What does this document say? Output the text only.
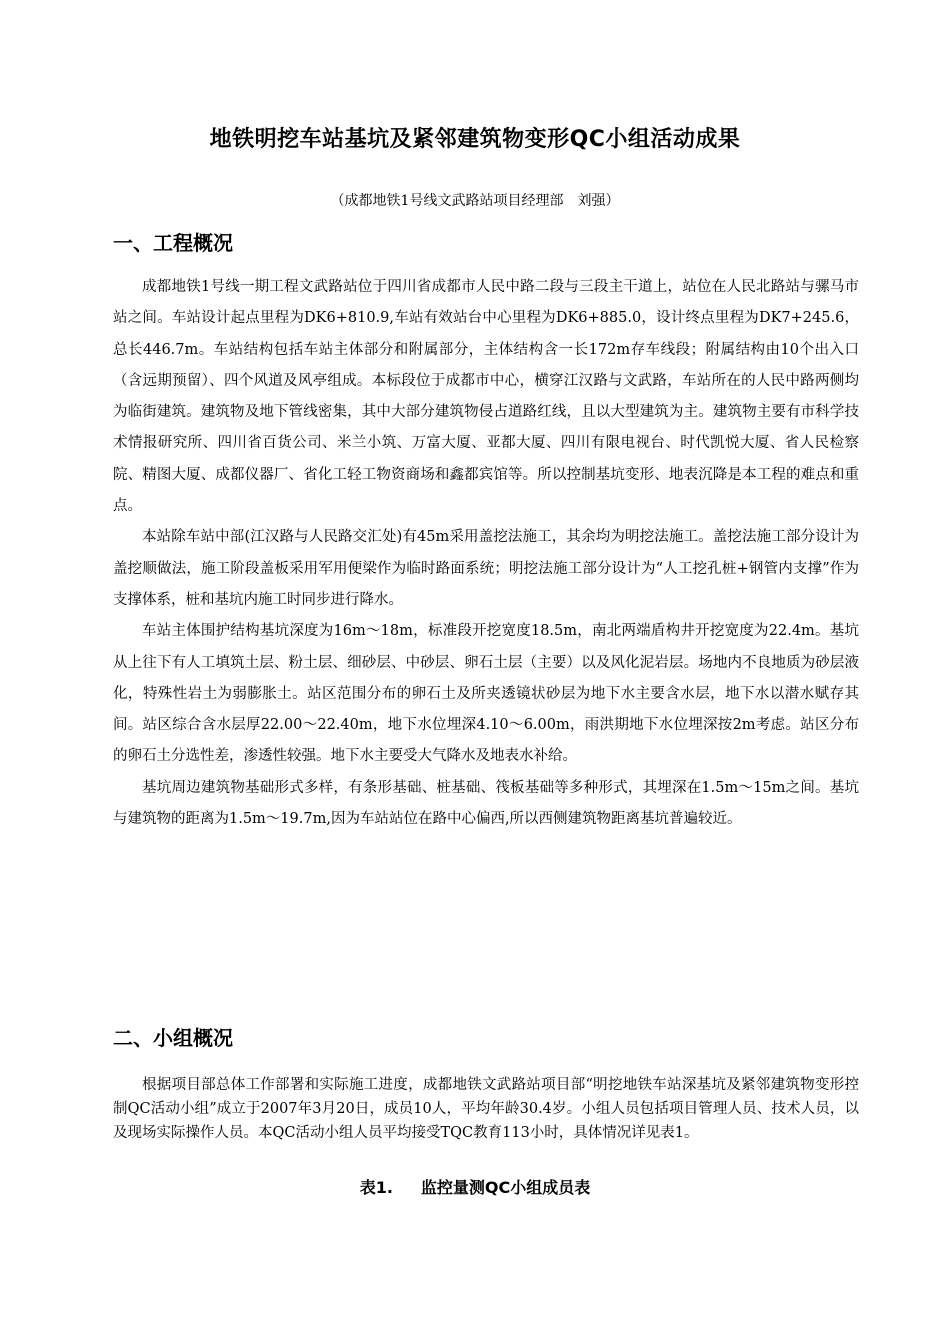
地铁明挖车站基坑及紧邻建筑物变形QC小组活动成果
（成都地铁1号线文武路站项目经理部　刘强）
一、工程概况

成都地铁1号线一期工程文武路站位于四川省成都市人民中路二段与三段主干道上，站位在人民北路站与骡马市站之间。车站设计起点里程为DK6+810.9,车站有效站台中心里程为DK6+885.0，设计终点里程为DK7+245.6，总长446.7m。车站结构包括车站主体部分和附属部分，主体结构含一长172m存车线段；附属结构由10个出入口（含远期预留）、四个风道及风亭组成。本标段位于成都市中心，横穿江汉路与文武路，车站所在的人民中路两侧均为临街建筑。建筑物及地下管线密集，其中大部分建筑物侵占道路红线，且以大型建筑为主。建筑物主要有市科学技术情报研究所、四川省百货公司、米兰小筑、万富大厦、亚都大厦、四川有限电视台、时代凯悦大厦、省人民检察院、精图大厦、成都仪器厂、省化工轻工物资商场和鑫都宾馆等。所以控制基坑变形、地表沉降是本工程的难点和重点。

本站除车站中部(江汉路与人民路交汇处)有45m采用盖挖法施工，其余均为明挖法施工。盖挖法施工部分设计为盖挖顺做法，施工阶段盖板采用军用便梁作为临时路面系统；明挖法施工部分设计为“人工挖孔桩+钢管内支撑”作为支撑体系，桩和基坑内施工时同步进行降水。

车站主体围护结构基坑深度为16m～18m，标准段开挖宽度18.5m，南北两端盾构井开挖宽度为22.4m。基坑从上往下有人工填筑土层、粉土层、细砂层、中砂层、卵石土层（主要）以及风化泥岩层。场地内不良地质为砂层液化，特殊性岩土为弱膨胀土。站区范围分布的卵石土及所夹透镜状砂层为地下水主要含水层，地下水以潜水赋存其间。站区综合含水层厚22.00～22.40m，地下水位埋深4.10～6.00m，雨洪期地下水位埋深按2m考虑。站区分布的卵石土分选性差，渗透性较强。地下水主要受大气降水及地表水补给。

基坑周边建筑物基础形式多样，有条形基础、桩基础、筏板基础等多种形式，其埋深在1.5m～15m之间。基坑与建筑物的距离为1.5m～19.7m,因为车站站位在路中心偏西,所以西侧建筑物距离基坑普遍较近。

二、小组概况

根据项目部总体工作部署和实际施工进度，成都地铁文武路站项目部“明挖地铁车站深基坑及紧邻建筑物变形控制QC活动小组”成立于2007年3月20日，成员10人，平均年龄30.4岁。小组人员包括项目管理人员、技术人员，以及现场实际操作人员。本QC活动小组人员平均接受TQC教育113小时，具体情况详见表1。

表1. 监控量测QC小组成员表
